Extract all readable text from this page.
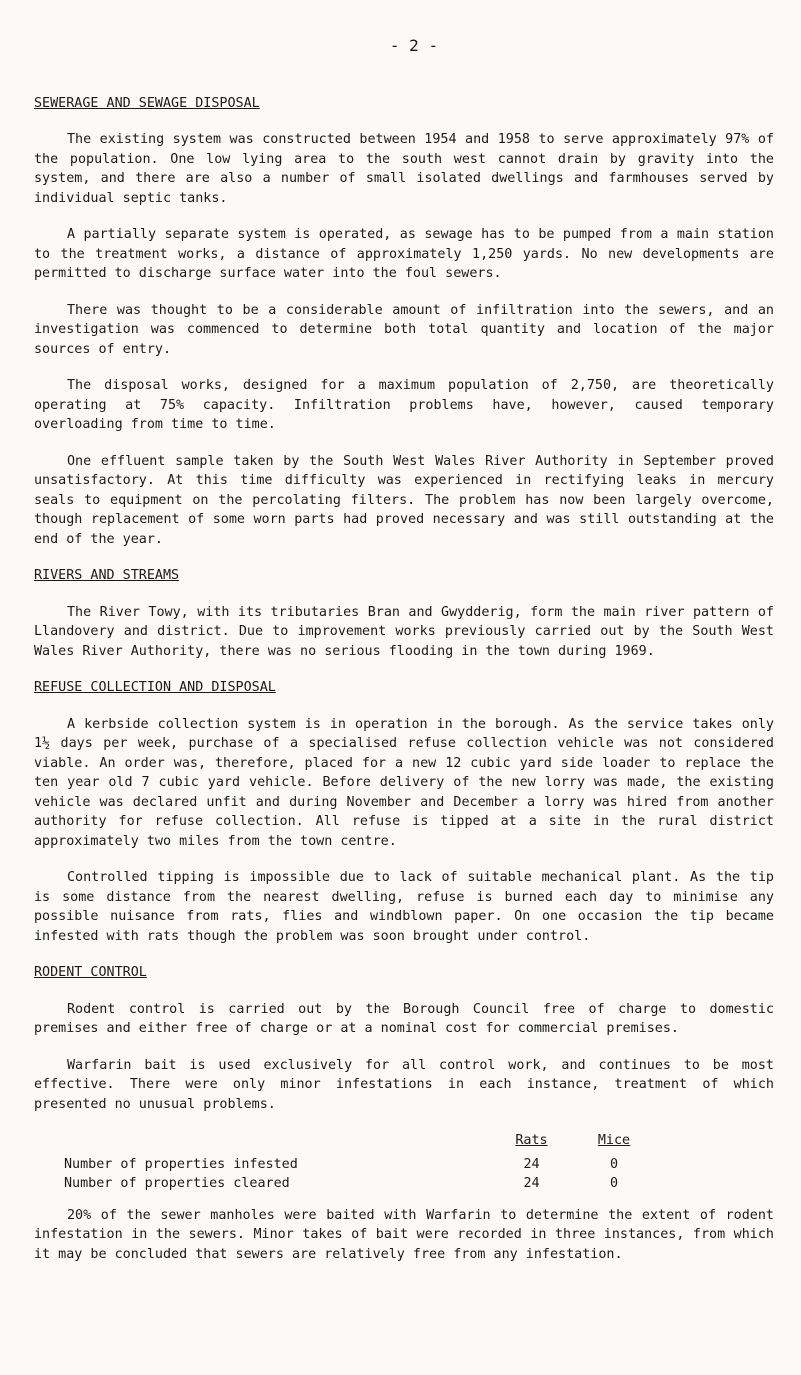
- 2 -
SEWERAGE AND SEWAGE DISPOSAL

The existing system was constructed between 1954 and 1958 to serve approximately 97% of the population. One low lying area to the south west cannot drain by gravity into the system, and there are also a number of small isolated dwellings and farmhouses served by individual septic tanks.

A partially separate system is operated, as sewage has to be pumped from a main station to the treatment works, a distance of approximately 1,250 yards. No new developments are permitted to discharge surface water into the foul sewers.

There was thought to be a considerable amount of infiltration into the sewers, and an investigation was commenced to determine both total quantity and location of the major sources of entry.

The disposal works, designed for a maximum population of 2,750, are theoretically operating at 75% capacity. Infiltration problems have, however, caused temporary overloading from time to time.

One effluent sample taken by the South West Wales River Authority in September proved unsatisfactory. At this time difficulty was experienced in rectifying leaks in mercury seals to equipment on the percolating filters. The problem has now been largely overcome, though replacement of some worn parts had proved necessary and was still outstanding at the end of the year.

RIVERS AND STREAMS

The River Towy, with its tributaries Bran and Gwydderig, form the main river pattern of Llandovery and district. Due to improvement works previously carried out by the South West Wales River Authority, there was no serious flooding in the town during 1969.

REFUSE COLLECTION AND DISPOSAL

A kerbside collection system is in operation in the borough. As the service takes only 1½ days per week, purchase of a specialised refuse collection vehicle was not considered viable. An order was, therefore, placed for a new 12 cubic yard side loader to replace the ten year old 7 cubic yard vehicle. Before delivery of the new lorry was made, the existing vehicle was declared unfit and during November and December a lorry was hired from another authority for refuse collection. All refuse is tipped at a site in the rural district approximately two miles from the town centre.

Controlled tipping is impossible due to lack of suitable mechanical plant. As the tip is some distance from the nearest dwelling, refuse is burned each day to minimise any possible nuisance from rats, flies and windblown paper. On one occasion the tip became infested with rats though the problem was soon brought under control.

RODENT CONTROL

Rodent control is carried out by the Borough Council free of charge to domestic premises and either free of charge or at a nominal cost for commercial premises.

Warfarin bait is used exclusively for all control work, and continues to be most effective. There were only minor infestations in each instance, treatment of which presented no unusual problems.

	Rats	Mice
Number of properties infested	24	0
Number of properties cleared	24	0

20% of the sewer manholes were baited with Warfarin to determine the extent of rodent infestation in the sewers. Minor takes of bait were recorded in three instances, from which it may be concluded that sewers are relatively free from any infestation.
